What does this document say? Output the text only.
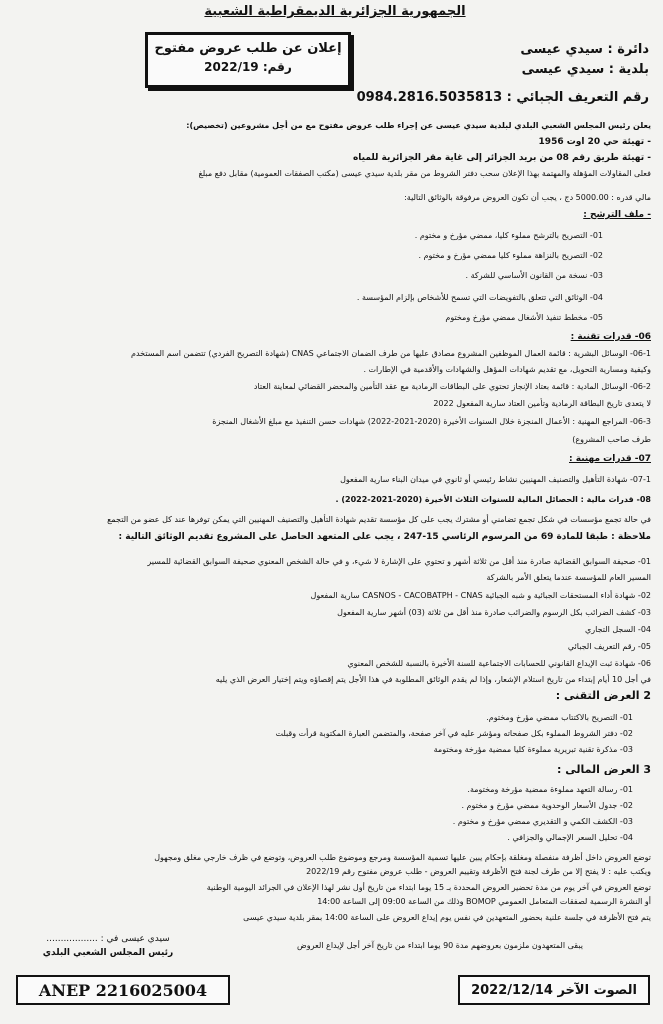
الجمهورية الجزائرية الديمقراطية الشعبية
إعلان عن طلب عروض مفتوح
رقم: 2022/19
دائرة : سيدي عيسى
بلدية : سيدي عيسى
رقم التعريف الجبائي : 0984.2816.5035813
يعلن رئيس المجلس الشعبي البلدي لبلدية سيدي عيسى عن إجراء طلب عروض مفتوح مع من أجل مشروعين (تخصيص):
- تهيئة حي 20 أوت 1956
- تهيئة طريق رقم 08 من بريد الجزائر إلى غاية مقر الجزائرية للمياه
فعلى المقاولات المؤهلة والمهتمة بهذا الإعلان سحب دفتر الشروط من مقر بلدية سيدي عيسى (مكتب الصفقات العمومية) مقابل دفع مبلغ
مالي قدره : 5000.00 دج ، يجب أن تكون العروض مرفوقة بالوثائق التالية:
- ملف الترشح :
01- التصريح بالترشح مملوء كليا، ممضي مؤرخ و مختوم .
02- التصريح بالنزاهة مملوء كليا ممضي مؤرخ و مختوم .
03- نسخة من القانون الأساسي للشركة .
04- الوثائق التي تتعلق بالتفويضات التي تسمح للأشخاص بإلزام المؤسسة .
05- مخطط تنفيذ الأشغال ممضي مؤرخ ومختوم
06- قدرات تقنية :
06-1- الوسائل البشرية : قائمة العمال الموظفين المشروع مصادق عليها من طرف الضمان الاجتماعي CNAS (شهادة التصريح الفردي) تتضمن اسم المستخدم
وكيفية ومسارية التحويل، مع تقديم شهادات المؤهل والشهادات والأقدمية في الإطارات .
06-2- الوسائل المادية : قائمة بعتاد الإنجاز تحتوي على البطاقات الرمادية مع عقد التأمين والمحضر القضائي لمعاينة العتاد
لا يتعدى تاريخ البطاقة الرمادية وتأمين العتاد سارية المفعول 2022
06-3- المراجع المهنية : الأعمال المنجزة خلال السنوات الأخيرة (2020-2021-2022) شهادات حسن التنفيذ مع مبلغ الأشغال المنجزة
طرف صاحب المشروع)
07- قدرات مهنية :
07-1- شهادة التأهيل والتصنيف المهنيين نشاط رئيسي أو ثانوي في ميدان البناء سارية المفعول
08- قدرات مالية : الحصائل المالية للسنوات الثلاث الأخيرة (2020-2021-2022) .
في حالة تجمع مؤسسات في شكل تجمع تضامني أو مشترك يجب على كل مؤسسة تقديم شهادة التأهيل والتصنيف المهنيين التي يمكن توفرها عند كل عضو من التجمع
ملاحظة : طبقا للمادة 69 من المرسوم الرئاسي 15-247 ، يجب على المتعهد الحاصل على المشروع تقديم الوثائق التالية :
01- صحيفة السوابق القضائية صادرة منذ أقل من ثلاثة أشهر و تحتوي على الإشارة لا شيء، و في حالة الشخص المعنوي صحيفة السوابق القضائية للمسير
المسير العام للمؤسسة عندما يتعلق الأمر بالشركة
02- شهادة أداء المستحقات الجبائية و شبه الجبائية CASNOS - CACOBATPH - CNAS سارية المفعول
03- كشف الضرائب بكل الرسوم والضرائب صادرة منذ أقل من ثلاثة (03) أشهر سارية المفعول
04- السجل التجاري
05- رقم التعريف الجبائي
06- شهادة ثبت الإيداع القانوني للحسابات الاجتماعية للسنة الأخيرة بالنسبة للشخص المعنوي
في أجل 10 أيام إبتداء من تاريخ استلام الإشعار، وإذا لم يقدم الوثائق المطلوبة في هذا الأجل يتم إقصاؤه ويتم إختيار العرض الذي يليه
2 العرض التقني :
01- التصريح بالاكتتاب ممضي مؤرخ ومختوم.
02- دفتر الشروط المملوء بكل صفحاته ومؤشر عليه في آخر صفحة، والمتضمن العبارة المكتوبة قرأت وقبلت
03- مذكرة تقنية تبريرية مملوءة كليا ممضية مؤرخة ومختومة
3 العرض المالي :
01- رسالة التعهد مملوءة ممضية مؤرخة ومختومة.
02- جدول الأسعار الوحدوية ممضي مؤرخ و مختوم .
03- الكشف الكمي و التقديري ممضي مؤرخ و مختوم .
04- تحليل السعر الإجمالي والجزافي .
توضع العروض داخل أظرفة منفصلة ومغلقة بإحكام يبين عليها تسمية المؤسسة ومرجع وموضوع طلب العروض، وتوضع في ظرف خارجي مغلق ومجهول
ويكتب عليه : لا يفتح إلا من طرف لجنة فتح الأظرفة وتقييم العروض - طلب عروض مفتوح رقم 2022/19
توضع العروض في آخر يوم من مدة تحضير العروض المحددة بـ 15 يوما ابتداء من تاريخ أول نشر لهذا الإعلان في الجرائد اليومية الوطنية
أو النشرة الرسمية لصفقات المتعامل العمومي BOMOP وذلك من الساعة 09:00 إلى الساعة 14:00
يتم فتح الأظرفة في جلسة علنية بحضور المتعهدين في نفس يوم إيداع العروض على الساعة 14:00 بمقر بلدية سيدي عيسى
يبقى المتعهدون ملزمون بعروضهم مدة 90 يوما ابتداء من تاريخ آخر أجل لإيداع العروض
سيدي عيسى في : ..................
رئيس المجلس الشعبي البلدي
ANEP 2216025004	الصوت الآخر 2022/12/14
